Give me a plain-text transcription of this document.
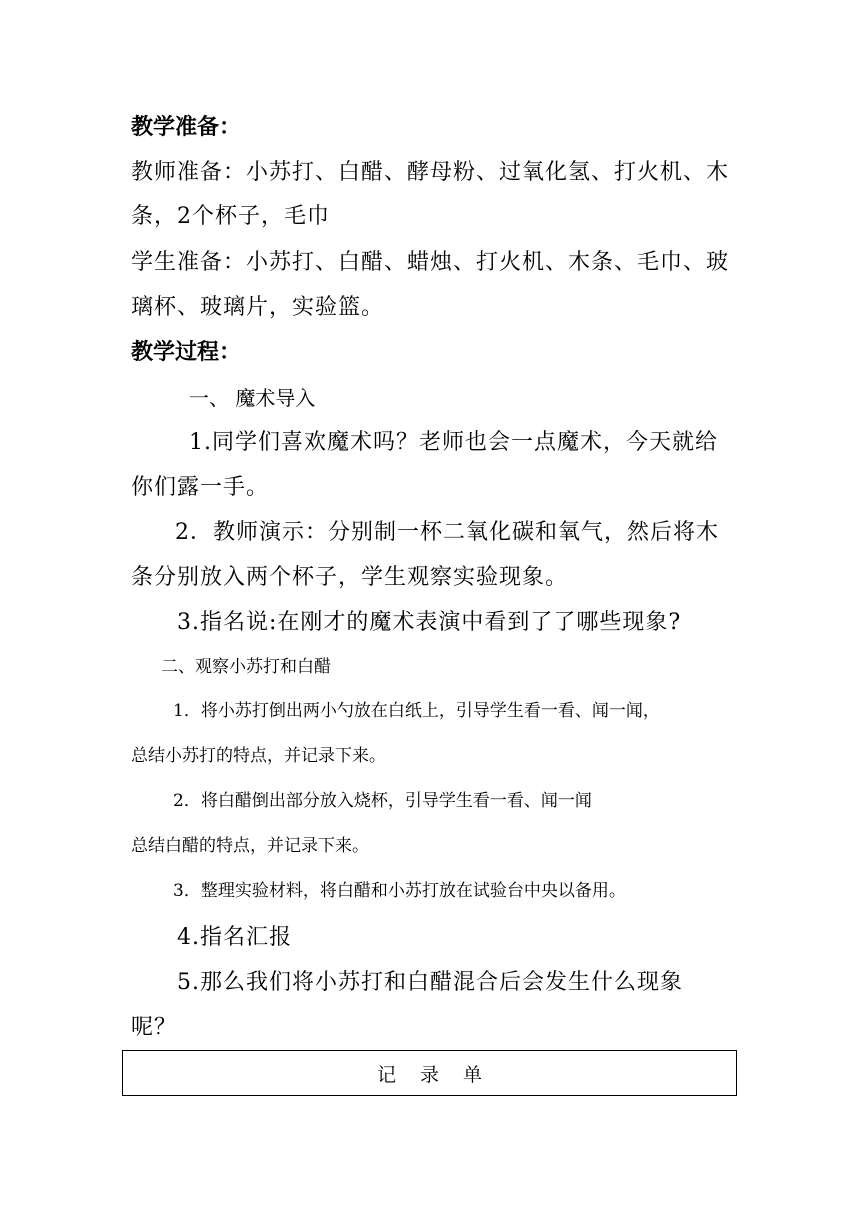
教学准备：
教师准备：小苏打、白醋、酵母粉、过氧化氢、打火机、木
条，2个杯子，毛巾
学生准备：小苏打、白醋、蜡烛、打火机、木条、毛巾、玻
璃杯、玻璃片，实验篮。
教学过程：
一、 魔术导入
1.同学们喜欢魔术吗？老师也会一点魔术，今天就给
你们露一手。
2．教师演示：分别制一杯二氧化碳和氧气，然后将木
条分别放入两个杯子，学生观察实验现象。
3.指名说:在刚才的魔术表演中看到了了哪些现象?
二、观察小苏打和白醋
1．将小苏打倒出两小勺放在白纸上，引导学生看一看、闻一闻，
总结小苏打的特点，并记录下来。
2．将白醋倒出部分放入烧杯，引导学生看一看、闻一闻
总结白醋的特点，并记录下来。
3．整理实验材料，将白醋和小苏打放在试验台中央以备用。
4.指名汇报
5.那么我们将小苏打和白醋混合后会发生什么现象
呢？
记录单
